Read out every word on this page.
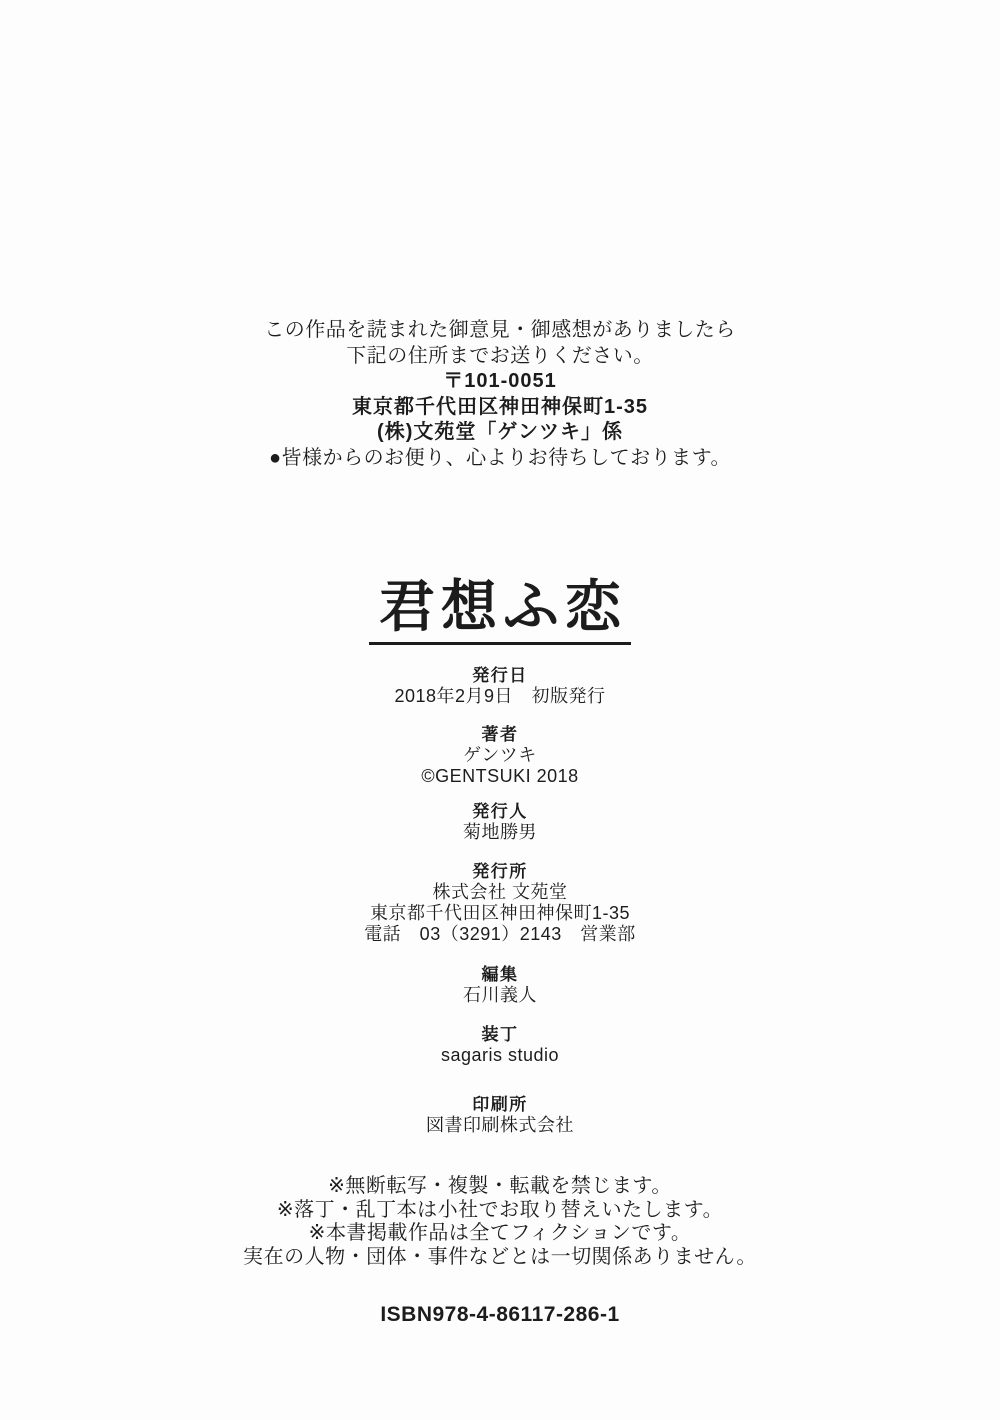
この作品を読まれた御意見・御感想がありましたら
下記の住所までお送りください。
〒101-0051
東京都千代田区神田神保町1-35
(株)文苑堂「ゲンツキ」係
●皆様からのお便り、心よりお待ちしております。
君想ふ恋
発行日
2018年2月9日　初版発行
著者
ゲンツキ
©GENTSUKI 2018
発行人
菊地勝男
発行所
株式会社 文苑堂
東京都千代田区神田神保町1-35
電話　03（3291）2143　営業部
編集
石川義人
装丁
sagaris studio
印刷所
図書印刷株式会社
※無断転写・複製・転載を禁じます。
※落丁・乱丁本は小社でお取り替えいたします。
※本書掲載作品は全てフィクションです。
実在の人物・団体・事件などとは一切関係ありません。
ISBN978-4-86117-286-1
